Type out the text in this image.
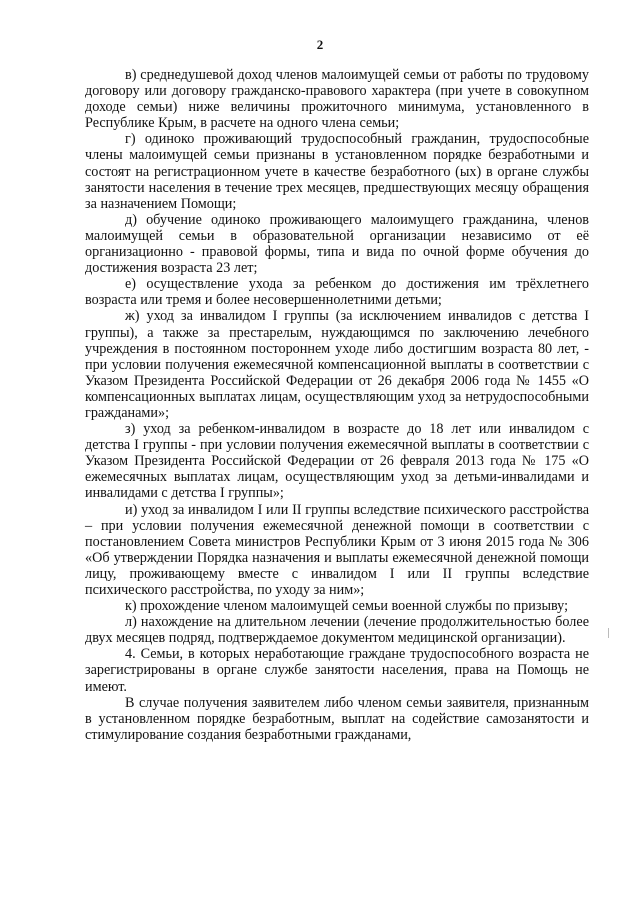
2

в) среднедушевой доход членов малоимущей семьи от работы по трудовому договору или договору гражданско-правового характера (при учете в совокупном доходе семьи) ниже величины прожиточного минимума, установленного в Республике Крым, в расчете на одного члена семьи;

г) одиноко проживающий трудоспособный гражданин, трудоспособные члены малоимущей семьи признаны в установленном порядке безработными и состоят на регистрационном учете в качестве безработного (ых) в органе службы занятости населения в течение трех месяцев, предшествующих месяцу обращения за назначением Помощи;

д) обучение одиноко проживающего малоимущего гражданина, членов малоимущей семьи в образовательной организации независимо от её организационно - правовой формы, типа и вида по очной форме обучения до достижения возраста 23 лет;

е) осуществление ухода за ребенком до достижения им трёхлетнего возраста или тремя и более несовершеннолетними детьми;

ж) уход за инвалидом I группы (за исключением инвалидов с детства I группы), а также за престарелым, нуждающимся по заключению лечебного учреждения в постоянном постороннем уходе либо достигшим возраста 80 лет, - при условии получения ежемесячной компенсационной выплаты в соответствии с Указом Президента Российской Федерации от 26 декабря 2006 года № 1455 «О компенсационных выплатах лицам, осуществляющим уход за нетрудоспособными гражданами»;

з) уход за ребенком-инвалидом в возрасте до 18 лет или инвалидом с детства I группы - при условии получения ежемесячной выплаты в соответствии с Указом Президента Российской Федерации от 26 февраля 2013 года № 175 «О ежемесячных выплатах лицам, осуществляющим уход за детьми-инвалидами и инвалидами с детства I группы»;

и) уход за инвалидом I или II группы вследствие психического расстройства – при условии получения ежемесячной денежной помощи в соответствии с постановлением Совета министров Республики Крым от 3 июня 2015 года № 306 «Об утверждении Порядка назначения и выплаты ежемесячной денежной помощи лицу, проживающему вместе с инвалидом I или II группы вследствие психического расстройства, по уходу за ним»;

к) прохождение членом малоимущей семьи военной службы по призыву;

л) нахождение на длительном лечении (лечение продолжительностью более двух месяцев подряд, подтверждаемое документом медицинской организации).

4. Семьи, в которых неработающие граждане трудоспособного возраста не зарегистрированы в органе службе занятости населения, права на Помощь не имеют.

В случае получения заявителем либо членом семьи заявителя, признанным в установленном порядке безработным, выплат на содействие самозанятости и стимулирование создания безработными гражданами,
